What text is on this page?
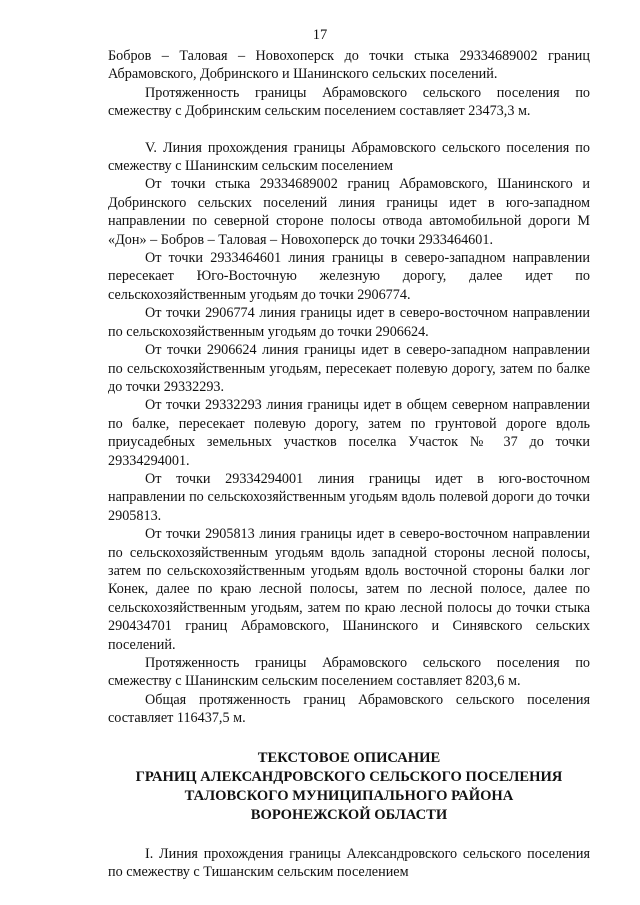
17

Бобров – Таловая – Новохоперск до точки стыка 29334689002 границ Абрамовского, Добринского и Шанинского сельских поселений.

Протяженность границы Абрамовского сельского поселения по смежеству с Добринским сельским поселением составляет 23473,3 м.

V. Линия прохождения границы Абрамовского сельского поселения по смежеству с Шанинским сельским поселением

От точки стыка 29334689002 границ Абрамовского, Шанинского и Добринского сельских поселений линия границы идет в юго-западном направлении по северной стороне полосы отвода автомобильной дороги М «Дон» – Бобров – Таловая – Новохоперск до точки 2933464601.

От точки 2933464601 линия границы в северо-западном направлении пересекает Юго-Восточную железную дорогу, далее идет по сельскохозяйственным угодьям до точки 2906774.

От точки 2906774 линия границы идет в северо-восточном направлении по сельскохозяйственным угодьям до точки 2906624.

От точки 2906624 линия границы идет в северо-западном направлении по сельскохозяйственным угодьям, пересекает полевую дорогу, затем по балке до точки 29332293.

От точки 29332293 линия границы идет в общем северном направлении по балке, пересекает полевую дорогу, затем по грунтовой дороге вдоль приусадебных земельных участков поселка Участок № 37 до точки 29334294001.

От точки 29334294001 линия границы идет в юго-восточном направлении по сельскохозяйственным угодьям вдоль полевой дороги до точки 2905813.

От точки 2905813 линия границы идет в северо-восточном направлении по сельскохозяйственным угодьям вдоль западной стороны лесной полосы, затем по сельскохозяйственным угодьям вдоль восточной стороны балки лог Конек, далее по краю лесной полосы, затем по лесной полосе, далее по сельскохозяйственным угодьям, затем по краю лесной полосы до точки стыка 290434701 границ Абрамовского, Шанинского и Синявского сельских поселений.

Протяженность границы Абрамовского сельского поселения по смежеству с Шанинским сельским поселением составляет 8203,6 м.

Общая протяженность границ Абрамовского сельского поселения составляет 116437,5 м.

ТЕКСТОВОЕ ОПИСАНИЕ
ГРАНИЦ АЛЕКСАНДРОВСКОГО СЕЛЬСКОГО ПОСЕЛЕНИЯ
ТАЛОВСКОГО МУНИЦИПАЛЬНОГО РАЙОНА
ВОРОНЕЖСКОЙ ОБЛАСТИ

I. Линия прохождения границы Александровского сельского поселения по смежеству с Тишанским сельским поселением
